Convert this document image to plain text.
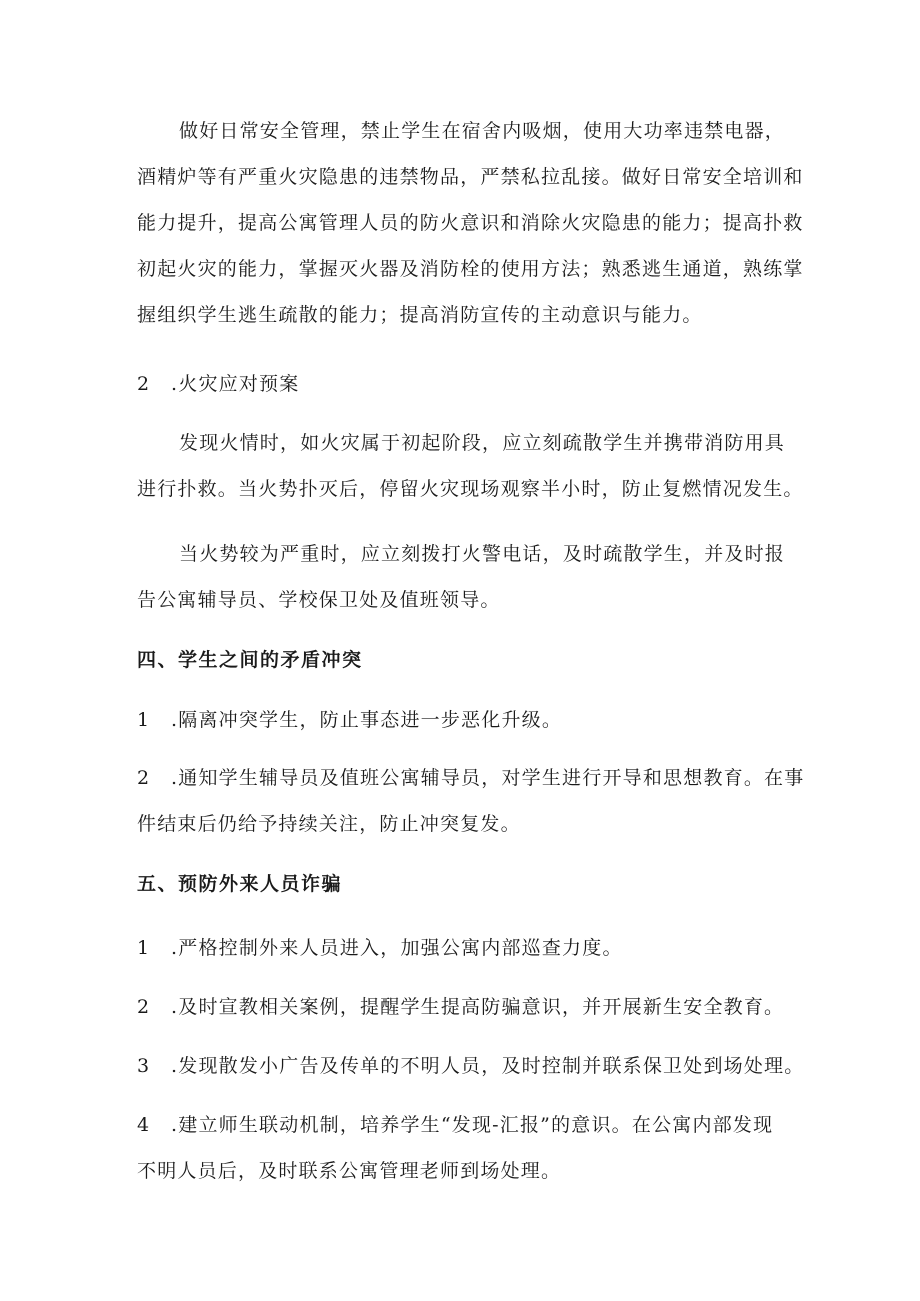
做好日常安全管理，禁止学生在宿舍内吸烟，使用大功率违禁电器，
酒精炉等有严重火灾隐患的违禁物品，严禁私拉乱接。做好日常安全培训和
能力提升，提高公寓管理人员的防火意识和消除火灾隐患的能力；提高扑救
初起火灾的能力，掌握灭火器及消防栓的使用方法；熟悉逃生通道，熟练掌
握组织学生逃生疏散的能力；提高消防宣传的主动意识与能力。
2 .火灾应对预案
发现火情时，如火灾属于初起阶段，应立刻疏散学生并携带消防用具
进行扑救。当火势扑灭后，停留火灾现场观察半小时，防止复燃情况发生。
当火势较为严重时，应立刻拨打火警电话，及时疏散学生，并及时报
告公寓辅导员、学校保卫处及值班领导。
四、学生之间的矛盾冲突
1 .隔离冲突学生，防止事态进一步恶化升级。
2 .通知学生辅导员及值班公寓辅导员，对学生进行开导和思想教育。在事
件结束后仍给予持续关注，防止冲突复发。
五、预防外来人员诈骗
1 .严格控制外来人员进入，加强公寓内部巡查力度。
2 .及时宣教相关案例，提醒学生提高防骗意识，并开展新生安全教育。
3 .发现散发小广告及传单的不明人员，及时控制并联系保卫处到场处理。
4 .建立师生联动机制，培养学生“发现-汇报”的意识。在公寓内部发现
不明人员后，及时联系公寓管理老师到场处理。
